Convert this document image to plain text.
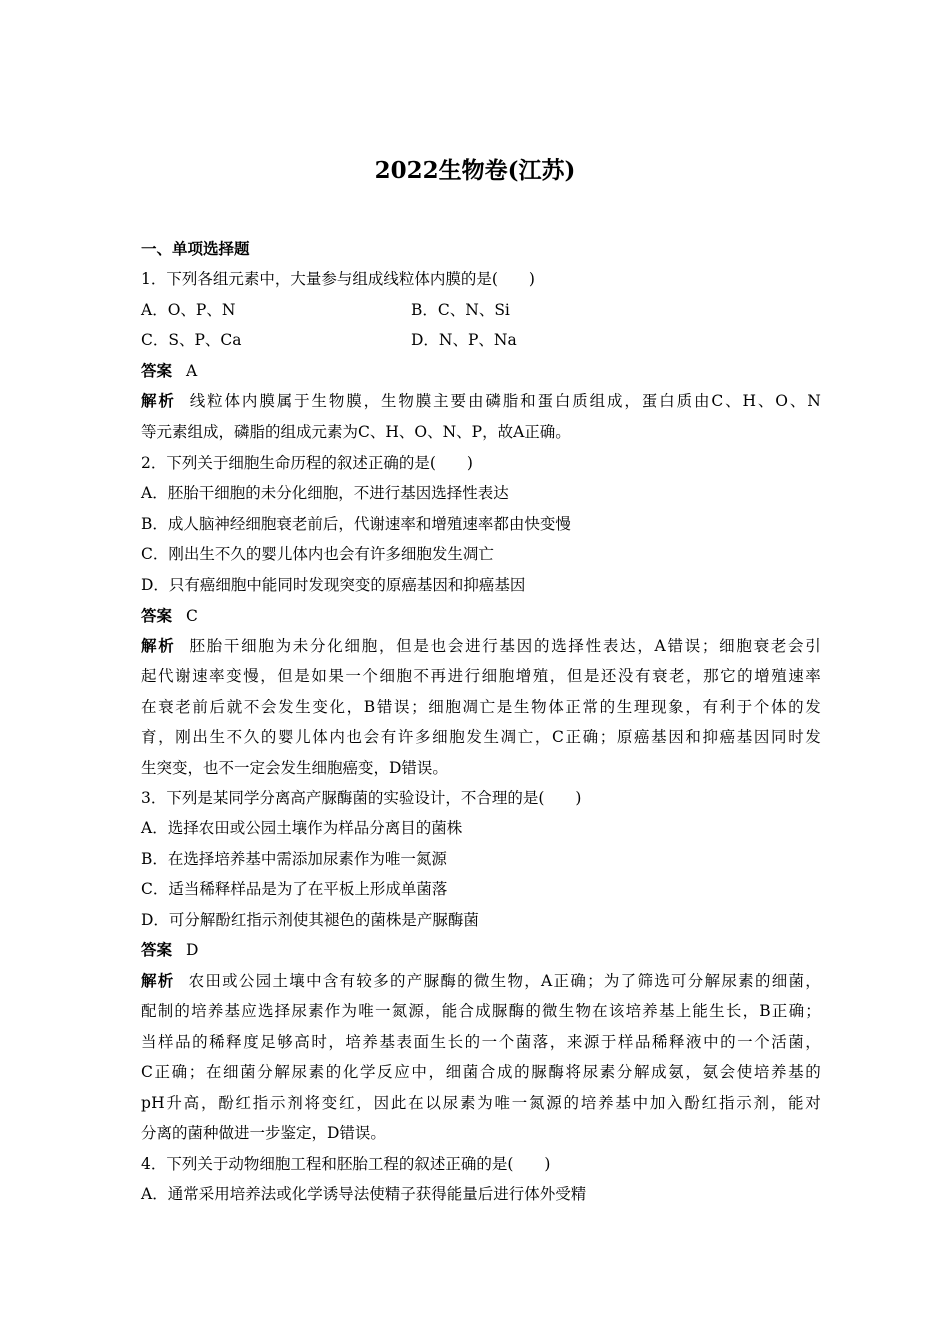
2022生物卷(江苏)
一、单项选择题
1．下列各组元素中，大量参与组成线粒体内膜的是(　　)
A．O、P、N	B．C、N、Si
C．S、P、Ca	D．N、P、Na
答案 A
解析 线粒体内膜属于生物膜，生物膜主要由磷脂和蛋白质组成，蛋白质由C、H、O、N
等元素组成，磷脂的组成元素为C、H、O、N、P，故A正确。
2．下列关于细胞生命历程的叙述正确的是(　　)
A．胚胎干细胞的未分化细胞，不进行基因选择性表达
B．成人脑神经细胞衰老前后，代谢速率和增殖速率都由快变慢
C．刚出生不久的婴儿体内也会有许多细胞发生凋亡
D．只有癌细胞中能同时发现突变的原癌基因和抑癌基因
答案 C
解析 胚胎干细胞为未分化细胞，但是也会进行基因的选择性表达，A错误；细胞衰老会引
起代谢速率变慢，但是如果一个细胞不再进行细胞增殖，但是还没有衰老，那它的增殖速率
在衰老前后就不会发生变化，B错误；细胞凋亡是生物体正常的生理现象，有利于个体的发
育，刚出生不久的婴儿体内也会有许多细胞发生凋亡，C正确；原癌基因和抑癌基因同时发
生突变，也不一定会发生细胞癌变，D错误。
3．下列是某同学分离高产脲酶菌的实验设计，不合理的是(　　)
A．选择农田或公园土壤作为样品分离目的菌株
B．在选择培养基中需添加尿素作为唯一氮源
C．适当稀释样品是为了在平板上形成单菌落
D．可分解酚红指示剂使其褪色的菌株是产脲酶菌
答案 D
解析 农田或公园土壤中含有较多的产脲酶的微生物，A正确；为了筛选可分解尿素的细菌，
配制的培养基应选择尿素作为唯一氮源，能合成脲酶的微生物在该培养基上能生长，B正确；
当样品的稀释度足够高时，培养基表面生长的一个菌落，来源于样品稀释液中的一个活菌，
C正确；在细菌分解尿素的化学反应中，细菌合成的脲酶将尿素分解成氨，氨会使培养基的
pH升高，酚红指示剂将变红，因此在以尿素为唯一氮源的培养基中加入酚红指示剂，能对
分离的菌种做进一步鉴定，D错误。
4．下列关于动物细胞工程和胚胎工程的叙述正确的是(　　)
A．通常采用培养法或化学诱导法使精子获得能量后进行体外受精
